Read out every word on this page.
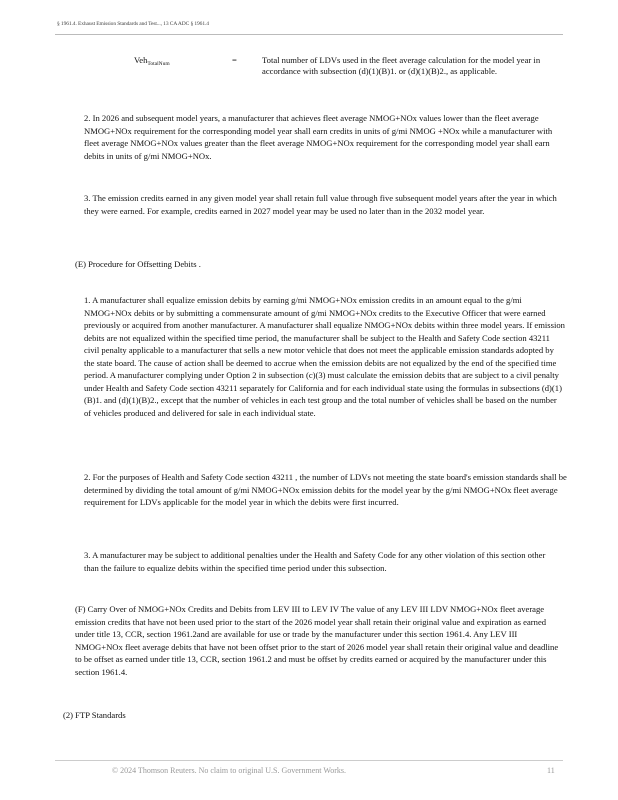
§ 1961.4. Exhaust Emission Standards and Test..., 13 CA ADC § 1961.4
Veh$_{TotalNum}$	=	Total number of LDVs used in the fleet average calculation for the model year in accordance with subsection (d)(1)(B)1. or (d)(1)(B)2., as applicable.

2. In 2026 and subsequent model years, a manufacturer that achieves fleet average NMOG+NOx values lower than the fleet average NMOG+NOx requirement for the corresponding model year shall earn credits in units of g/mi NMOG +NOx while a manufacturer with fleet average NMOG+NOx values greater than the fleet average NMOG+NOx requirement for the corresponding model year shall earn debits in units of g/mi NMOG+NOx.

3. The emission credits earned in any given model year shall retain full value through five subsequent model years after the year in which they were earned. For example, credits earned in 2027 model year may be used no later than in the 2032 model year.

(E) Procedure for Offsetting Debits .

1. A manufacturer shall equalize emission debits by earning g/mi NMOG+NOx emission credits in an amount equal to the g/mi NMOG+NOx debits or by submitting a commensurate amount of g/mi NMOG+NOx credits to the Executive Officer that were earned previously or acquired from another manufacturer. A manufacturer shall equalize NMOG+NOx debits within three model years. If emission debits are not equalized within the specified time period, the manufacturer shall be subject to the Health and Safety Code section 43211 civil penalty applicable to a manufacturer that sells a new motor vehicle that does not meet the applicable emission standards adopted by the state board. The cause of action shall be deemed to accrue when the emission debits are not equalized by the end of the specified time period. A manufacturer complying under Option 2 in subsection (c)(3) must calculate the emission debits that are subject to a civil penalty under Health and Safety Code section 43211 separately for California and for each individual state using the formulas in subsections (d)(1)(B)1. and (d)(1)(B)2., except that the number of vehicles in each test group and the total number of vehicles shall be based on the number of vehicles produced and delivered for sale in each individual state.

2. For the purposes of Health and Safety Code section 43211 , the number of LDVs not meeting the state board's emission standards shall be determined by dividing the total amount of g/mi NMOG+NOx emission debits for the model year by the g/mi NMOG+NOx fleet average requirement for LDVs applicable for the model year in which the debits were first incurred.

3. A manufacturer may be subject to additional penalties under the Health and Safety Code for any other violation of this section other than the failure to equalize debits within the specified time period under this subsection.

(F) Carry Over of NMOG+NOx Credits and Debits from LEV III to LEV IV The value of any LEV III LDV NMOG+NOx fleet average emission credits that have not been used prior to the start of the 2026 model year shall retain their original value and expiration as earned under title 13, CCR, section 1961.2and are available for use or trade by the manufacturer under this section 1961.4. Any LEV III NMOG+NOx fleet average debits that have not been offset prior to the start of 2026 model year shall retain their original value and deadline to be offset as earned under title 13, CCR, section 1961.2 and must be offset by credits earned or acquired by the manufacturer under this section 1961.4.

(2) FTP Standards

© 2024 Thomson Reuters. No claim to original U.S. Government Works.	11
